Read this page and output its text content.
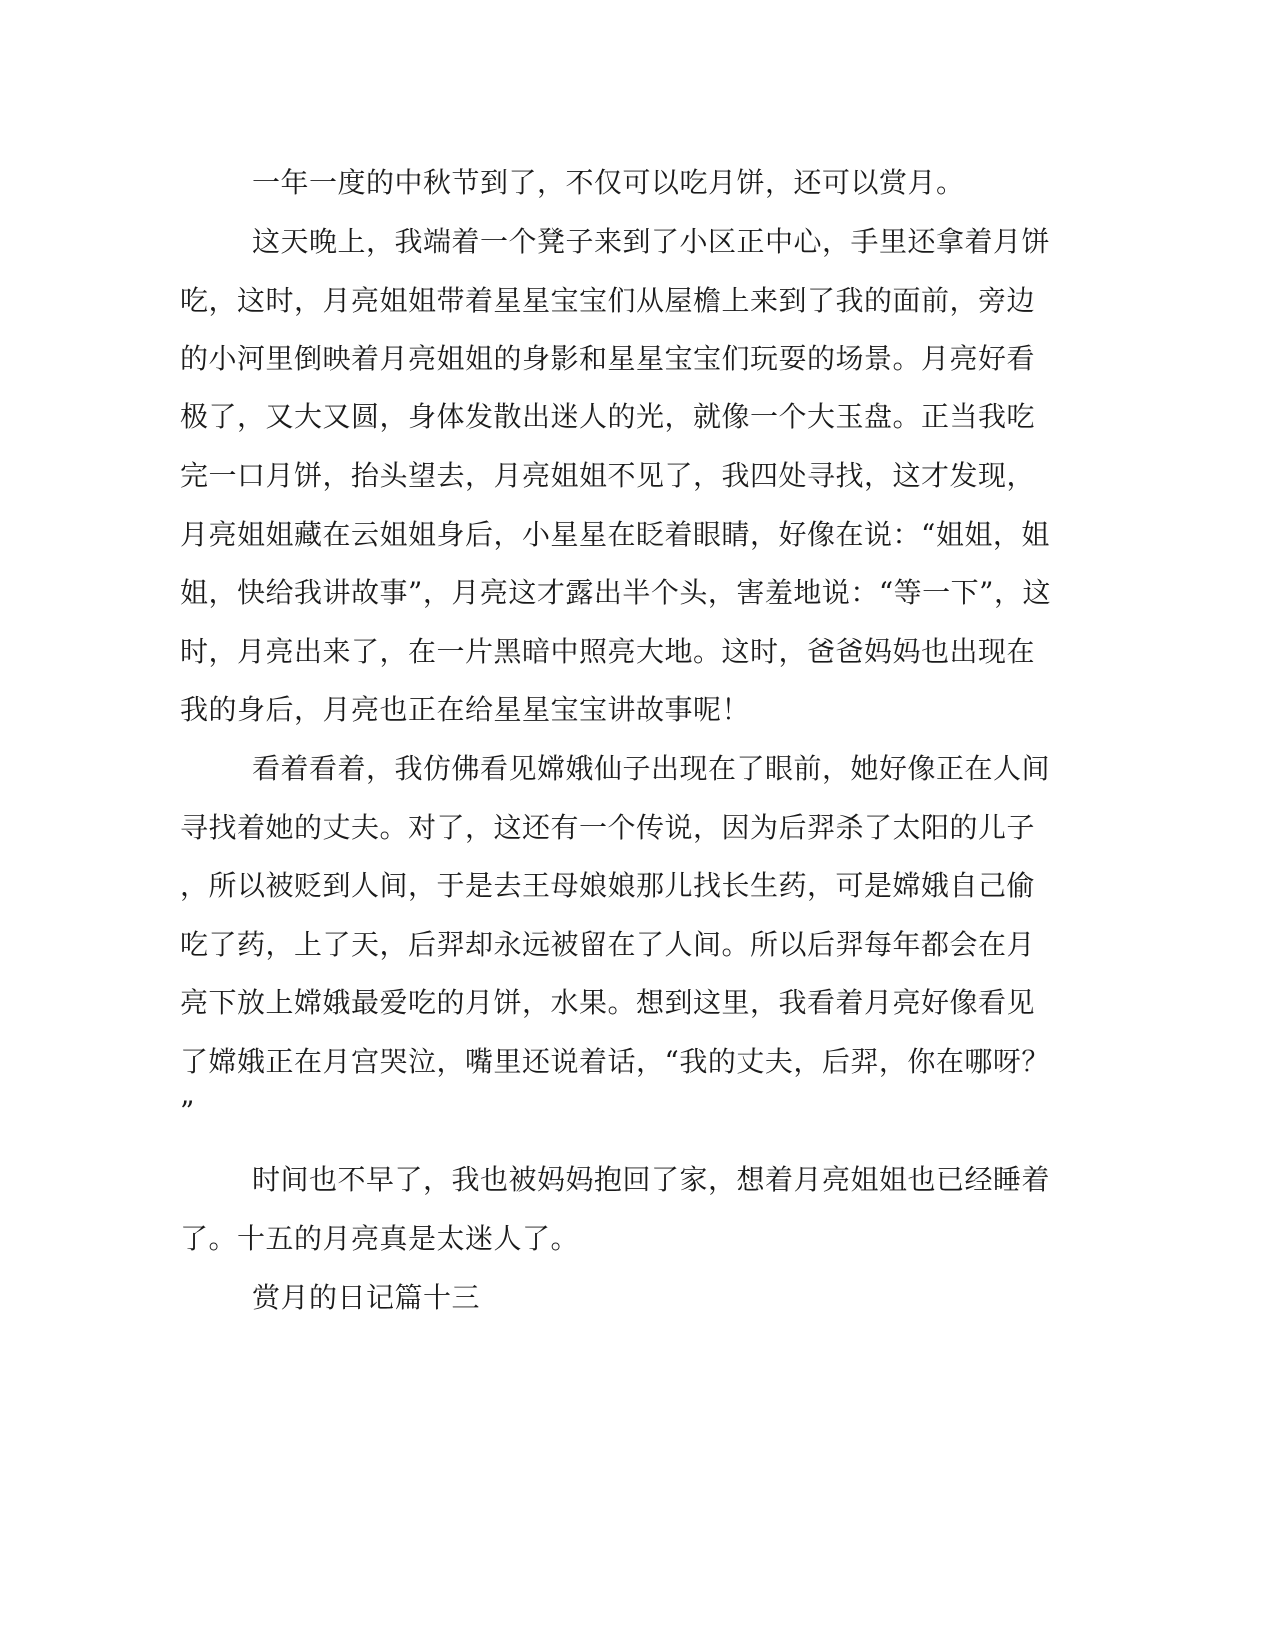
一年一度的中秋节到了，不仅可以吃月饼，还可以赏月。
这天晚上，我端着一个凳子来到了小区正中心，手里还拿着月饼
吃，这时，月亮姐姐带着星星宝宝们从屋檐上来到了我的面前，旁边
的小河里倒映着月亮姐姐的身影和星星宝宝们玩耍的场景。月亮好看
极了，又大又圆，身体发散出迷人的光，就像一个大玉盘。正当我吃
完一口月饼，抬头望去，月亮姐姐不见了，我四处寻找，这才发现，
月亮姐姐藏在云姐姐身后，小星星在眨着眼睛，好像在说：“姐姐，姐
姐，快给我讲故事”，月亮这才露出半个头，害羞地说：“等一下”，这
时，月亮出来了，在一片黑暗中照亮大地。这时，爸爸妈妈也出现在
我的身后，月亮也正在给星星宝宝讲故事呢！
看着看着，我仿佛看见嫦娥仙子出现在了眼前，她好像正在人间
寻找着她的丈夫。对了，这还有一个传说，因为后羿杀了太阳的儿子
，所以被贬到人间，于是去王母娘娘那儿找长生药，可是嫦娥自己偷
吃了药，上了天，后羿却永远被留在了人间。所以后羿每年都会在月
亮下放上嫦娥最爱吃的月饼，水果。想到这里，我看着月亮好像看见
了嫦娥正在月宫哭泣，嘴里还说着话，“我的丈夫，后羿，你在哪呀？
”
时间也不早了，我也被妈妈抱回了家，想着月亮姐姐也已经睡着
了。十五的月亮真是太迷人了。
赏月的日记篇十三
